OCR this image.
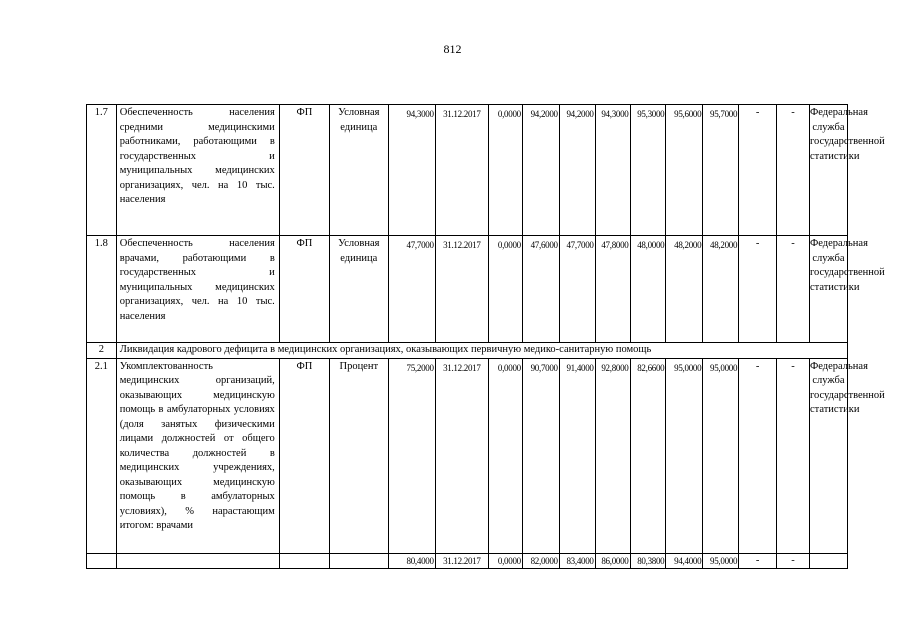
812
1.7	Обеспеченность населения средними медицинскими работниками, работающими в государственных и муниципальных медицинских организациях, чел. на 10 тыс. населения	ФП	Условная единица	94,3000	31.12.2017	0,0000	94,2000	94,2000	94,3000	95,3000	95,6000	95,7000	-	-	Федеральная служба государственной статистики
1.8	Обеспеченность населения врачами, работающими в государственных и муниципальных медицинских организациях, чел. на 10 тыс. населения	ФП	Условная единица	47,7000	31.12.2017	0,0000	47,6000	47,7000	47,8000	48,0000	48,2000	48,2000	-	-	Федеральная служба государственной статистики
2	Ликвидация кадрового дефицита в медицинских организациях, оказывающих первичную медико-санитарную помощь														
2.1	Укомплектованность медицинских организаций, оказывающих медицинскую помощь в амбулаторных условиях (доля занятых физическими лицами должностей от общего количества должностей в медицинских учреждениях, оказывающих медицинскую помощь в амбулаторных условиях), % нарастающим итогом: врачами	ФП	Процент	75,2000	31.12.2017	0,0000	90,7000	91,4000	92,8000	82,6600	95,0000	95,0000	-	-	Федеральная служба государственной статистики
				80,4000	31.12.2017	0,0000	82,0000	83,4000	86,0000	80,3800	94,4000	95,0000	-	-	
